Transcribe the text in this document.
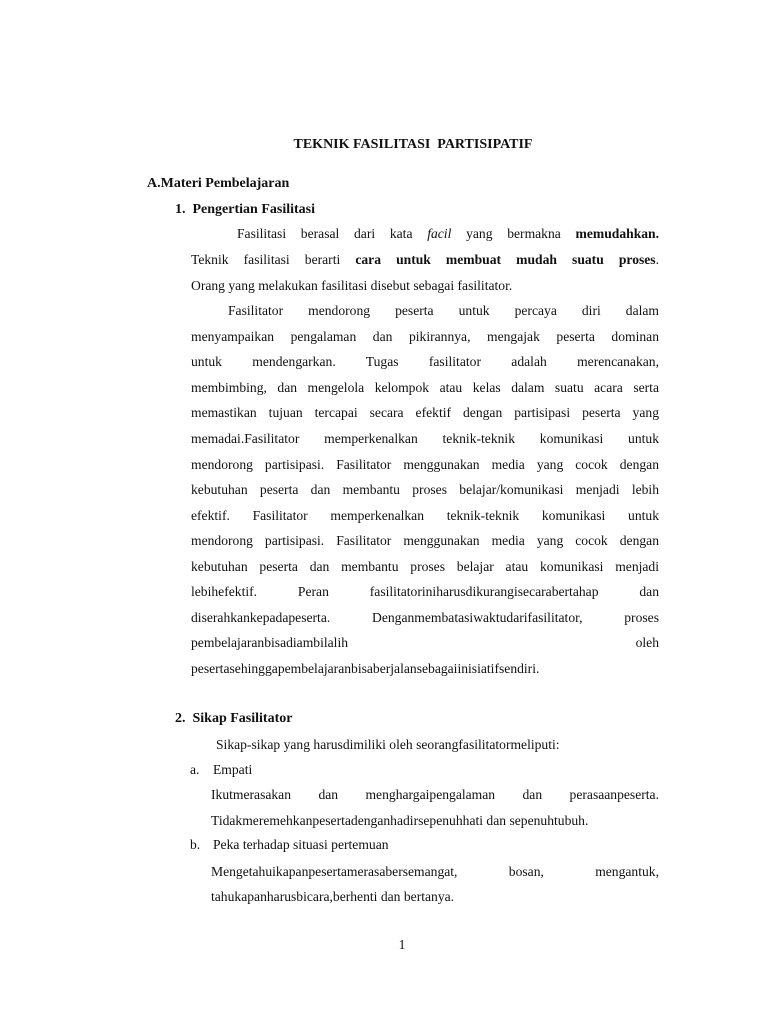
TEKNIK FASILITASI  PARTISIPATIF
A.Materi Pembelajaran
1.  Pengertian Fasilitasi
Fasilitasi berasal dari kata facil yang bermakna memudahkan.
Teknik fasilitasi berarti cara untuk membuat mudah suatu proses.
Orang yang melakukan fasilitasi disebut sebagai fasilitator.
Fasilitator mendorong peserta untuk percaya diri dalam
menyampaikan pengalaman dan pikirannya, mengajak peserta dominan
untuk mendengarkan. Tugas fasilitator adalah merencanakan,
membimbing, dan mengelola kelompok atau kelas dalam suatu acara serta
memastikan tujuan tercapai secara efektif dengan partisipasi peserta yang
memadai.Fasilitator memperkenalkan teknik-teknik komunikasi untuk
mendorong partisipasi. Fasilitator menggunakan media yang cocok dengan
kebutuhan peserta dan membantu proses belajar/komunikasi menjadi lebih
efektif. Fasilitator memperkenalkan teknik-teknik komunikasi untuk
mendorong partisipasi. Fasilitator menggunakan media yang cocok dengan
kebutuhan peserta dan membantu proses belajar atau komunikasi menjadi
lebihefektif. Peran fasilitatoriniharusdikurangisecarabertahap dan
diserahkankepadapeserta. Denganmembatasiwaktudarifasilitator, proses
pembelajaranbisadiambilalih oleh
pesertasehinggapembelajaranbisaberjalansebagaiinisiatifsendiri.
2.  Sikap Fasilitator
Sikap-sikap yang harusdimiliki oleh seorangfasilitatormeliputi:
a. Empati
Ikutmerasakan dan menghargaipengalaman dan perasaanpeserta.
Tidakmeremehkanpesertadenganhadirsepenuhhati dan sepenuhtubuh.
b. Peka terhadap situasi pertemuan
Mengetahuikapanpesertamerasabersemangat, bosan, mengantuk,
tahukapanharusbicara,berhenti dan bertanya.
1
